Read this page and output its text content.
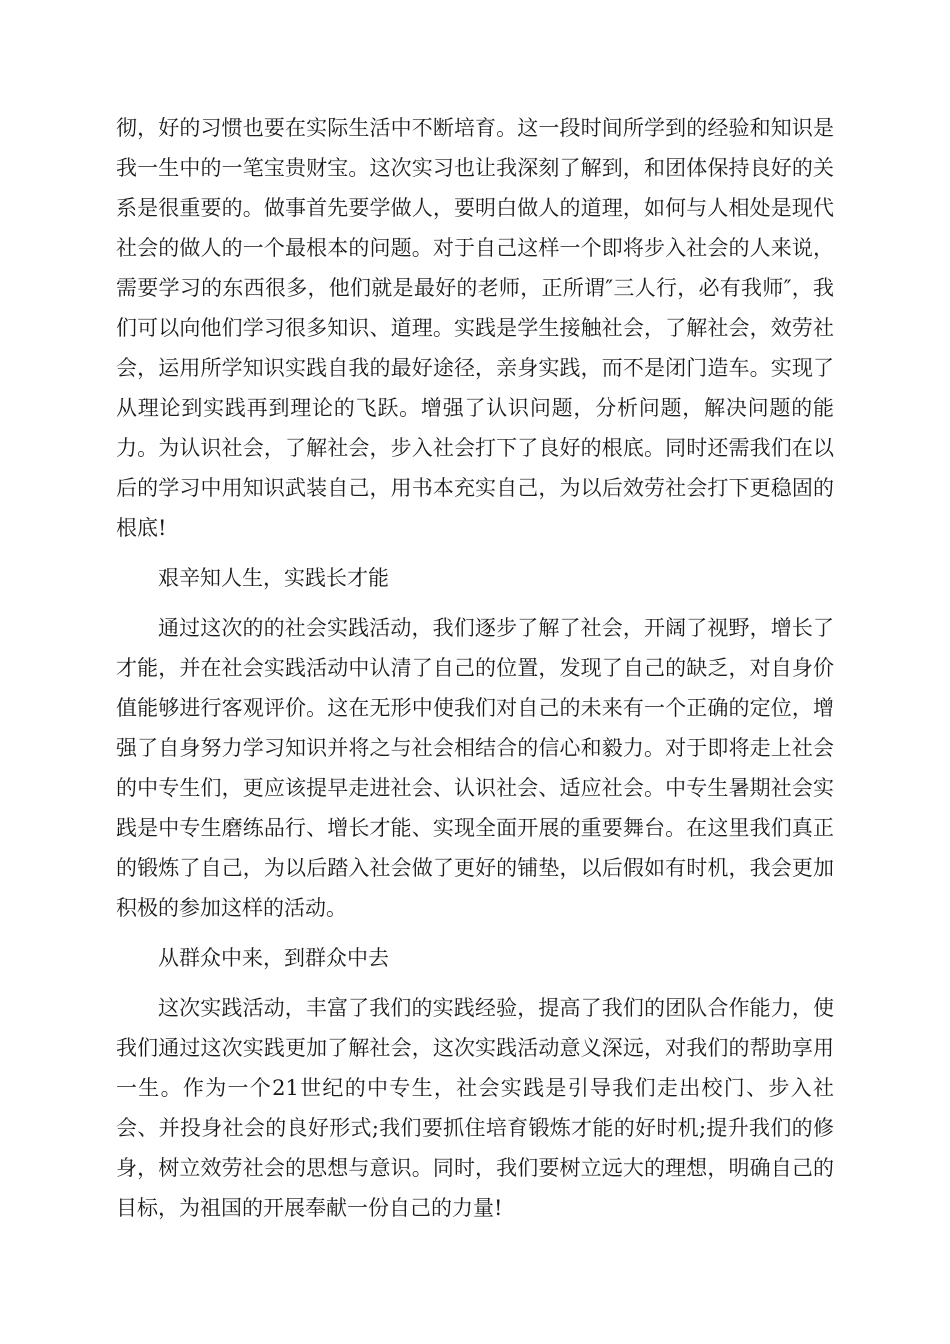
彻，好的习惯也要在实际生活中不断培育。这一段时间所学到的经验和知识是我一生中的一笔宝贵财宝。这次实习也让我深刻了解到，和团体保持良好的关系是很重要的。做事首先要学做人，要明白做人的道理，如何与人相处是现代社会的做人的一个最根本的问题。对于自己这样一个即将步入社会的人来说，需要学习的东西很多，他们就是最好的老师，正所谓″三人行，必有我师″，我们可以向他们学习很多知识、道理。实践是学生接触社会，了解社会，效劳社会，运用所学知识实践自我的最好途径，亲身实践，而不是闭门造车。实现了从理论到实践再到理论的飞跃。增强了认识问题，分析问题，解决问题的能力。为认识社会，了解社会，步入社会打下了良好的根底。同时还需我们在以后的学习中用知识武装自己，用书本充实自己，为以后效劳社会打下更稳固的根底!

艰辛知人生，实践长才能

通过这次的的社会实践活动，我们逐步了解了社会，开阔了视野，增长了才能，并在社会实践活动中认清了自己的位置，发现了自己的缺乏，对自身价值能够进行客观评价。这在无形中使我们对自己的未来有一个正确的定位，增强了自身努力学习知识并将之与社会相结合的信心和毅力。对于即将走上社会的中专生们，更应该提早走进社会、认识社会、适应社会。中专生暑期社会实践是中专生磨练品行、增长才能、实现全面开展的重要舞台。在这里我们真正的锻炼了自己，为以后踏入社会做了更好的铺垫，以后假如有时机，我会更加积极的参加这样的活动。

从群众中来，到群众中去

这次实践活动，丰富了我们的实践经验，提高了我们的团队合作能力，使我们通过这次实践更加了解社会，这次实践活动意义深远，对我们的帮助享用一生。作为一个21世纪的中专生，社会实践是引导我们走出校门、步入社会、并投身社会的良好形式;我们要抓住培育锻炼才能的好时机;提升我们的修身，树立效劳社会的思想与意识。同时，我们要树立远大的理想，明确自己的目标，为祖国的开展奉献一份自己的力量!
